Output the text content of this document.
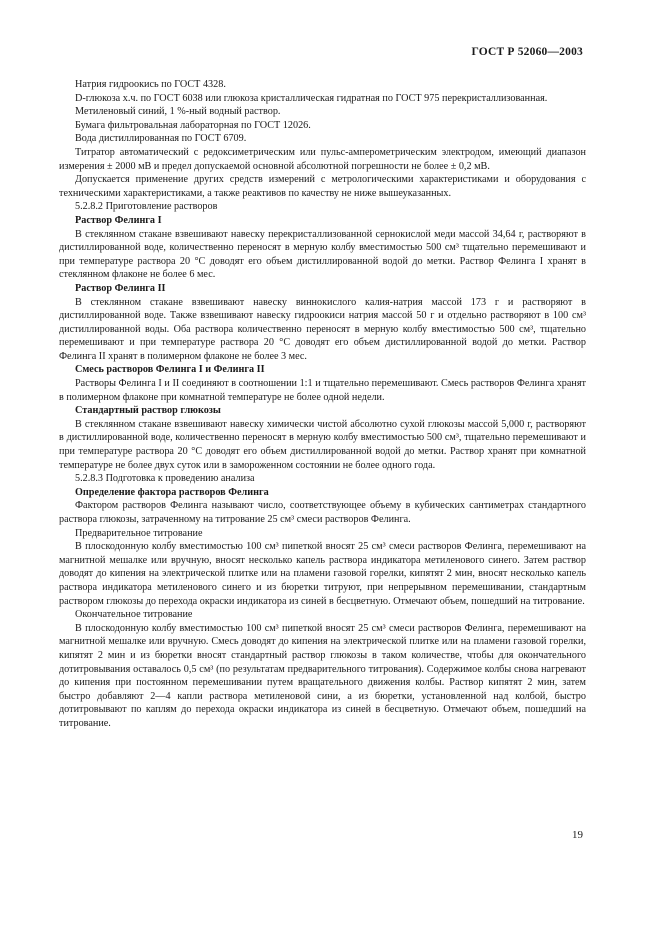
ГОСТ Р 52060—2003

Натрия гидроокись по ГОСТ 4328.

D-глюкоза х.ч. по ГОСТ 6038 или глюкоза кристаллическая гидратная по ГОСТ 975 перекристаллизованная.

Метиленовый синий, 1 %-ный водный раствор.

Бумага фильтровальная лабораторная по ГОСТ 12026.

Вода дистиллированная по ГОСТ 6709.

Титратор автоматический с редоксиметрическим или пульс-амперометрическим электродом, имеющий диапазон измерения ± 2000 мВ и предел допускаемой основной абсолютной погрешности не более ± 0,2 мВ.

Допускается применение других средств измерений с метрологическими характеристиками и оборудования с техническими характеристиками, а также реактивов по качеству не ниже вышеуказанных.

5.2.8.2 Приготовление растворов

Раствор Фелинга I

В стеклянном стакане взвешивают навеску перекристаллизованной сернокислой меди массой 34,64 г, растворяют в дистиллированной воде, количественно переносят в мерную колбу вместимостью 500 см³ тщательно перемешивают и при температуре раствора 20 °С доводят его объем дистиллированной водой до метки. Раствор Фелинга I хранят в стеклянном флаконе не более 6 мес.

Раствор Фелинга II

В стеклянном стакане взвешивают навеску виннокислого калия-натрия массой 173 г и растворяют в дистиллированной воде. Также взвешивают навеску гидроокиси натрия массой 50 г и отдельно растворяют в 100 см³ дистиллированной воды. Оба раствора количественно переносят в мерную колбу вместимостью 500 см³, тщательно перемешивают и при температуре раствора 20 °С доводят его объем дистиллированной водой до метки. Раствор Фелинга II хранят в полимерном флаконе не более 3 мес.

Смесь растворов Фелинга I и Фелинга II

Растворы Фелинга I и II соединяют в соотношении 1:1 и тщательно перемешивают. Смесь растворов Фелинга хранят в полимерном флаконе при комнатной температуре не более одной недели.

Стандартный раствор глюкозы

В стеклянном стакане взвешивают навеску химически чистой абсолютно сухой глюкозы массой 5,000 г, растворяют в дистиллированной воде, количественно переносят в мерную колбу вместимостью 500 см³, тщательно перемешивают и при температуре раствора 20 °С доводят его объем дистиллированной водой до метки. Раствор хранят при комнатной температуре не более двух суток или в замороженном состоянии не более одного года.

5.2.8.3 Подготовка к проведению анализа

Определение фактора растворов Фелинга

Фактором растворов Фелинга называют число, соответствующее объему в кубических сантиметрах стандартного раствора глюкозы, затраченному на титрование 25 см³ смеси растворов Фелинга.

Предварительное титрование

В плоскодонную колбу вместимостью 100 см³ пипеткой вносят 25 см³ смеси растворов Фелинга, перемешивают на магнитной мешалке или вручную, вносят несколько капель раствора индикатора метиленового синего. Затем раствор доводят до кипения на электрической плитке или на пламени газовой горелки, кипятят 2 мин, вносят несколько капель раствора индикатора метиленового синего и из бюретки титруют, при непрерывном перемешивании, стандартным раствором глюкозы до перехода окраски индикатора из синей в бесцветную. Отмечают объем, пошедший на титрование.

Окончательное титрование

В плоскодонную колбу вместимостью 100 см³ пипеткой вносят 25 см³ смеси растворов Фелинга, перемешивают на магнитной мешалке или вручную. Смесь доводят до кипения на электрической плитке или на пламени газовой горелки, кипятят 2 мин и из бюретки вносят стандартный раствор глюкозы в таком количестве, чтобы для окончательного дотитровывания оставалось 0,5 см³ (по результатам предварительного титрования). Содержимое колбы снова нагревают до кипения при постоянном перемешивании путем вращательного движения колбы. Раствор кипятят 2 мин, затем быстро добавляют 2—4 капли раствора метиленовой сини, а из бюретки, установленной над колбой, быстро дотитровывают по каплям до перехода окраски индикатора из синей в бесцветную. Отмечают объем, пошедший на титрование.

19
